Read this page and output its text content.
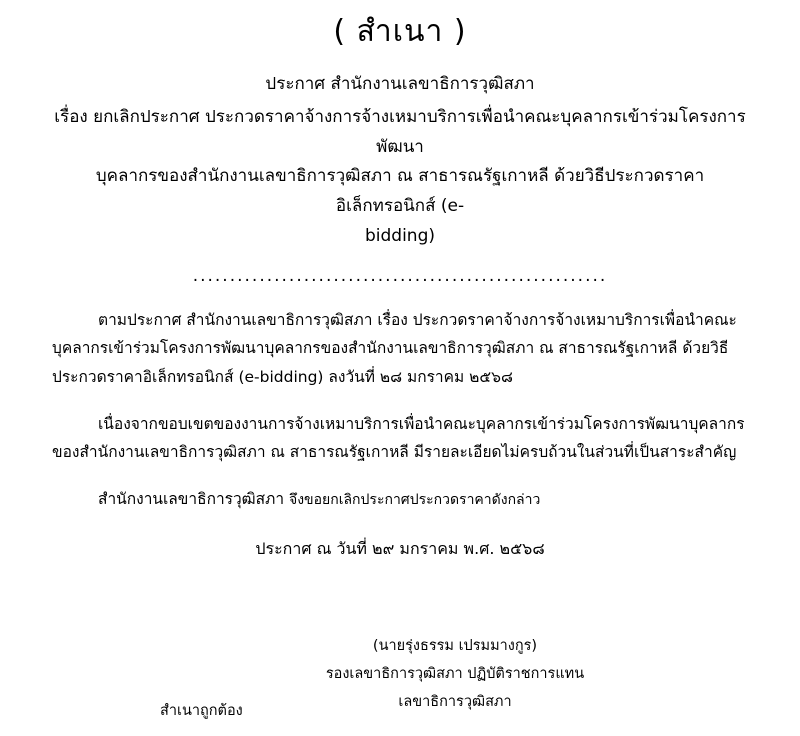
( สำเนา )
ประกาศ สำนักงานเลขาธิการวุฒิสภา
เรื่อง ยกเลิกประกาศ ประกวดราคาจ้างการจ้างเหมาบริการเพื่อนำคณะบุคลากรเข้าร่วมโครงการพัฒนา
บุคลากรของสำนักงานเลขาธิการวุฒิสภา ณ สาธารณรัฐเกาหลี ด้วยวิธีประกวดราคาอิเล็กทรอนิกส์ (e-
bidding)
........................................................
ตามประกาศ สำนักงานเลขาธิการวุฒิสภา เรื่อง ประกวดราคาจ้างการจ้างเหมาบริการเพื่อนำคณะบุคลากรเข้าร่วมโครงการพัฒนาบุคลากรของสำนักงานเลขาธิการวุฒิสภา ณ สาธารณรัฐเกาหลี ด้วยวิธีประกวดราคาอิเล็กทรอนิกส์ (e-bidding) ลงวันที่ ๒๘ มกราคม ๒๕๖๘
เนื่องจากขอบเขตของงานการจ้างเหมาบริการเพื่อนำคณะบุคลากรเข้าร่วมโครงการพัฒนาบุคลากรของสำนักงานเลขาธิการวุฒิสภา ณ สาธารณรัฐเกาหลี มีรายละเอียดไม่ครบถ้วนในส่วนที่เป็นสาระสำคัญ
สำนักงานเลขาธิการวุฒิสภา จึงขอยกเลิกประกาศประกวดราคาดังกล่าว
ประกาศ ณ วันที่ ๒๙ มกราคม พ.ศ. ๒๕๖๘
(นายรุ่งธรรม เปรมมางกูร)
รองเลขาธิการวุฒิสภา ปฏิบัติราชการแทน
เลขาธิการวุฒิสภา
สำเนาถูกต้อง
